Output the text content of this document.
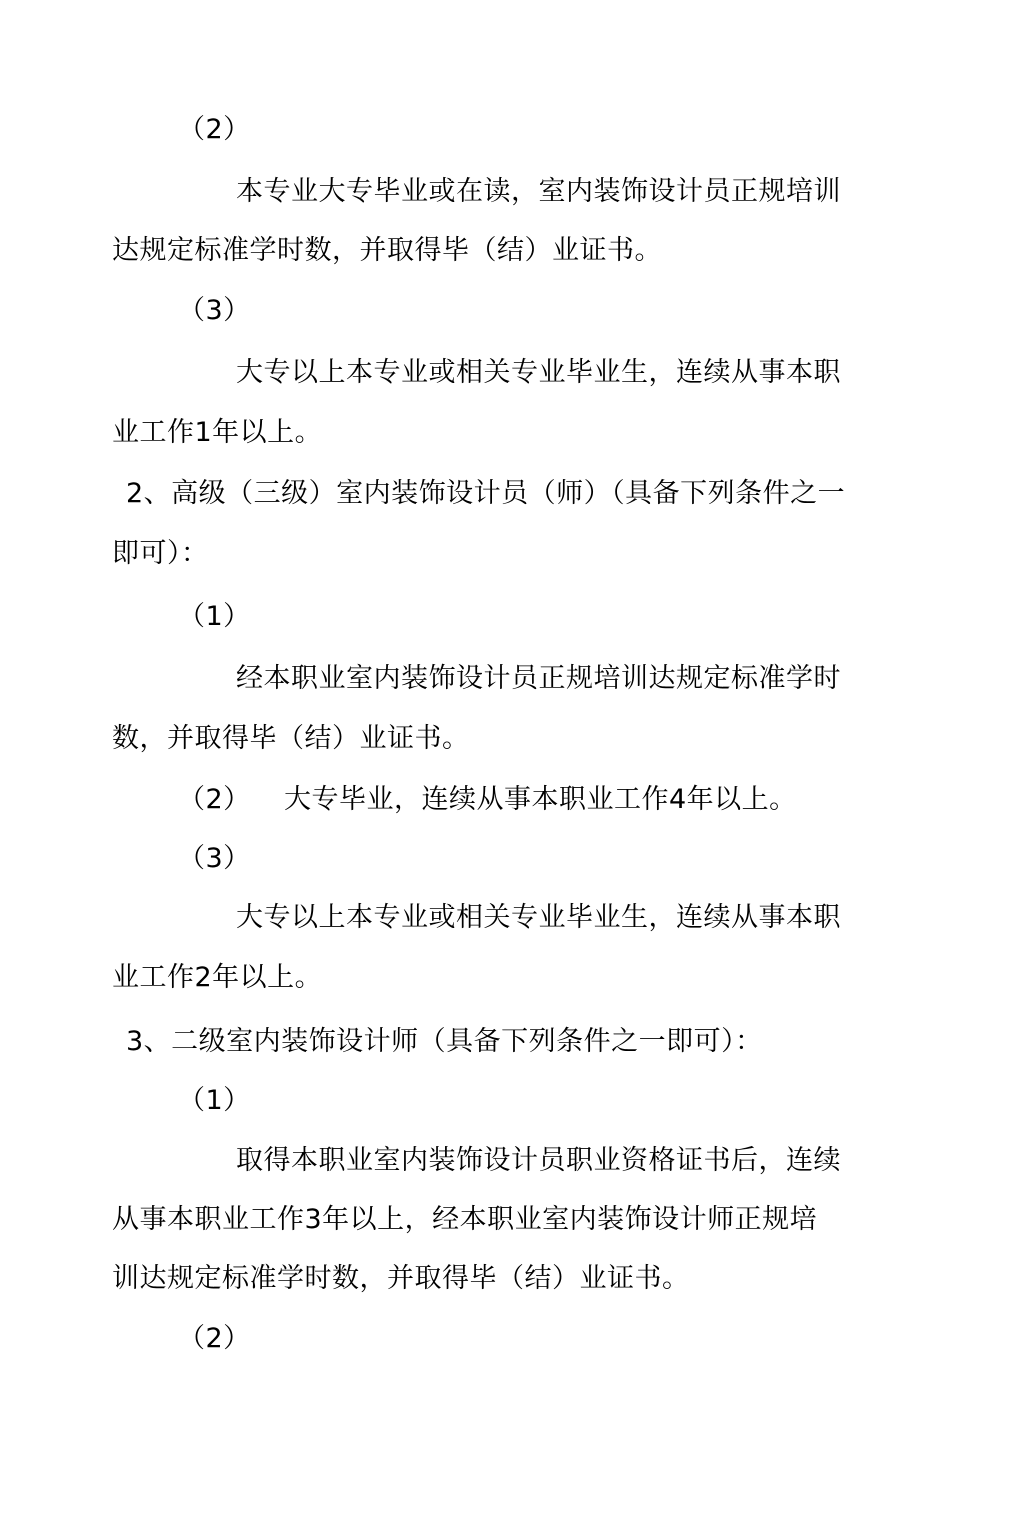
（2）
本专业大专毕业或在读，室内装饰设计员正规培训
达规定标准学时数，并取得毕（结）业证书。
（3）
大专以上本专业或相关专业毕业生，连续从事本职
业工作1年以上。
2、高级（三级）室内装饰设计员（师）（具备下列条件之一
即可）：
（1）
经本职业室内装饰设计员正规培训达规定标准学时
数，并取得毕（结）业证书。
（2） 大专毕业，连续从事本职业工作4年以上。
（3）
大专以上本专业或相关专业毕业生，连续从事本职
业工作2年以上。
3、二级室内装饰设计师（具备下列条件之一即可）：
（1）
取得本职业室内装饰设计员职业资格证书后，连续
从事本职业工作3年以上，经本职业室内装饰设计师正规培
训达规定标准学时数，并取得毕（结）业证书。
（2）
